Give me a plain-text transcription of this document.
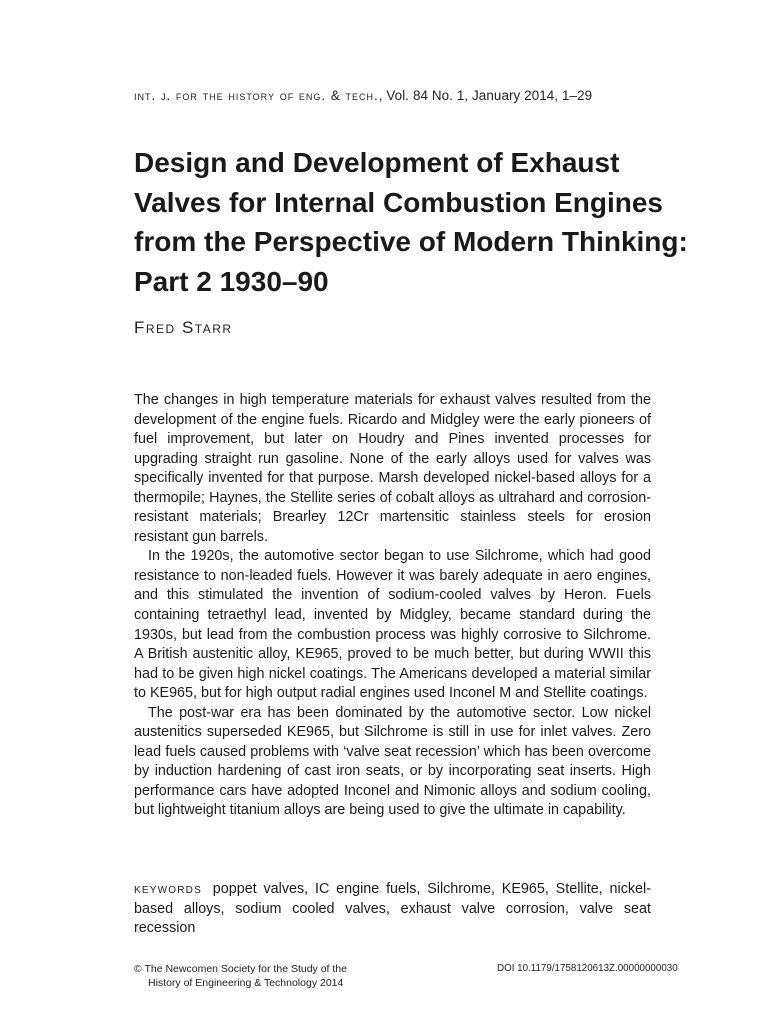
int. j. for the history of eng. & tech., Vol. 84 No. 1, January 2014, 1–29
Design and Development of Exhaust Valves for Internal Combustion Engines from the Perspective of Modern Thinking: Part 2 1930–90

Fred Starr

The changes in high temperature materials for exhaust valves resulted from the development of the engine fuels. Ricardo and Midgley were the early pioneers of fuel improvement, but later on Houdry and Pines invented processes for upgrading straight run gasoline. None of the early alloys used for valves was specifically invented for that purpose. Marsh developed nickel-based alloys for a thermopile; Haynes, the Stellite series of cobalt alloys as ultrahard and corrosion-resistant materials; Brearley 12Cr martensitic stainless steels for erosion resistant gun barrels.

In the 1920s, the automotive sector began to use Silchrome, which had good resistance to non-leaded fuels. However it was barely adequate in aero engines, and this stimulated the invention of sodium-cooled valves by Heron. Fuels containing tetraethyl lead, invented by Midgley, became standard during the 1930s, but lead from the combustion process was highly corrosive to Silchrome. A British austenitic alloy, KE965, proved to be much better, but during WWII this had to be given high nickel coatings. The Americans developed a material similar to KE965, but for high output radial engines used Inconel M and Stellite coatings.

The post-war era has been dominated by the automotive sector. Low nickel austenitics superseded KE965, but Silchrome is still in use for inlet valves. Zero lead fuels caused problems with ‘valve seat recession’ which has been overcome by induction hardening of cast iron seats, or by incorporating seat inserts. High performance cars have adopted Inconel and Nimonic alloys and sodium cooling, but lightweight titanium alloys are being used to give the ultimate in capability.

keywords poppet valves, IC engine fuels, Silchrome, KE965, Stellite, nickel-based alloys, sodium cooled valves, exhaust valve corrosion, valve seat recession

© The Newcomen Society for the Study of the
History of Engineering & Technology 2014
DOI 10.1179/1758120613Z.00000000030
